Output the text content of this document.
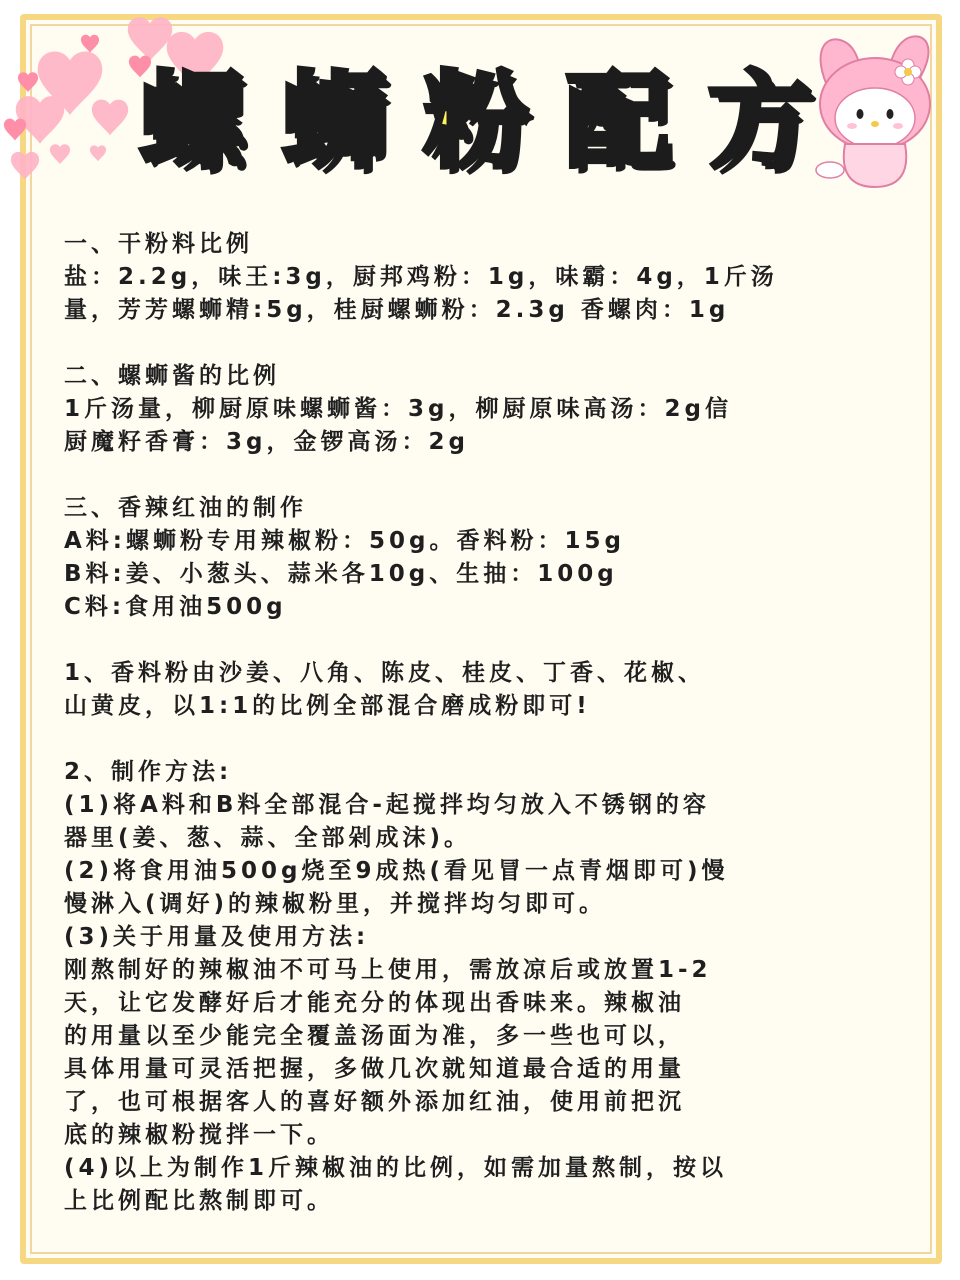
螺蛳粉配方
一、干粉料比例
盐：2.2g，味王:3g，厨邦鸡粉：1g，味霸：4g，1斤汤
量，芳芳螺蛳精:5g，桂厨螺蛳粉：2.3g 香螺肉：1g
二、螺蛳酱的比例
1斤汤量，柳厨原味螺蛳酱：3g，柳厨原味高汤：2g信
厨魔籽香膏：3g，金锣高汤：2g
三、香辣红油的制作
A料:螺蛳粉专用辣椒粉：50g。香料粉：15g
B料:姜、小葱头、蒜米各10g、生抽：100g
C料:食用油500g
1、香料粉由沙姜、八角、陈皮、桂皮、丁香、花椒、
山黄皮，以1:1的比例全部混合磨成粉即可!
2、制作方法:
(1)将A料和B料全部混合-起搅拌均匀放入不锈钢的容
器里(姜、葱、蒜、全部剁成沫)。
(2)将食用油500g烧至9成热(看见冒一点青烟即可)慢
慢淋入(调好)的辣椒粉里，并搅拌均匀即可。
(3)关于用量及使用方法:
刚熬制好的辣椒油不可马上使用，需放凉后或放置1-2
天，让它发酵好后才能充分的体现出香味来。辣椒油
的用量以至少能完全覆盖汤面为准，多一些也可以，
具体用量可灵活把握，多做几次就知道最合适的用量
了，也可根据客人的喜好额外添加红油，使用前把沉
底的辣椒粉搅拌一下。
(4)以上为制作1斤辣椒油的比例，如需加量熬制，按以
上比例配比熬制即可。
